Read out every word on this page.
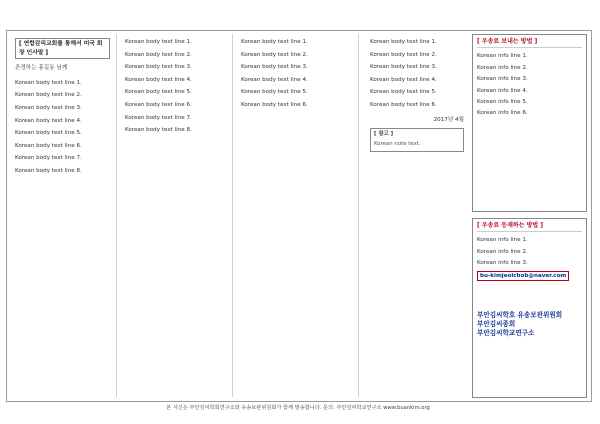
[ 연합감리교회를 통해서 미국 회장 인사말 ]

존경하는 홍길동 님께

Korean body text line 1.

Korean body text line 2.

Korean body text line 3.

Korean body text line 4.

Korean body text line 5.

Korean body text line 6.

Korean body text line 7.

Korean body text line 8.

Korean body text line 1.

Korean body text line 2.

Korean body text line 3.

Korean body text line 4.

Korean body text line 5.

Korean body text line 6.

Korean body text line 7.

Korean body text line 8.

Korean body text line 1.

Korean body text line 2.

Korean body text line 3.

Korean body text line 4.

Korean body text line 5.

Korean body text line 6.

Korean body text line 1.

Korean body text line 2.

Korean body text line 3.

Korean body text line 4.

Korean body text line 5.

Korean body text line 6.

2017년 4월
[ 참고 ]
Korean note text.
[ 우송료 보내는 방법 ]

Korean info line 1.

Korean info line 2.

Korean info line 3.

Korean info line 4.

Korean info line 5.

Korean info line 6.

[ 우송료 등재하는 방법 ]

Korean info line 1.

Korean info line 2.

Korean info line 3.

bu-kimjeolchob@naver.com

부안김씨학호 유송보관위원회
부안김씨종회
부안김씨학교연구소
본 서신은 부안김씨학회연구소와 유송보관위원회가 함께 발송합니다. 문의: 부안김씨학교연구소 www.buankim.org
